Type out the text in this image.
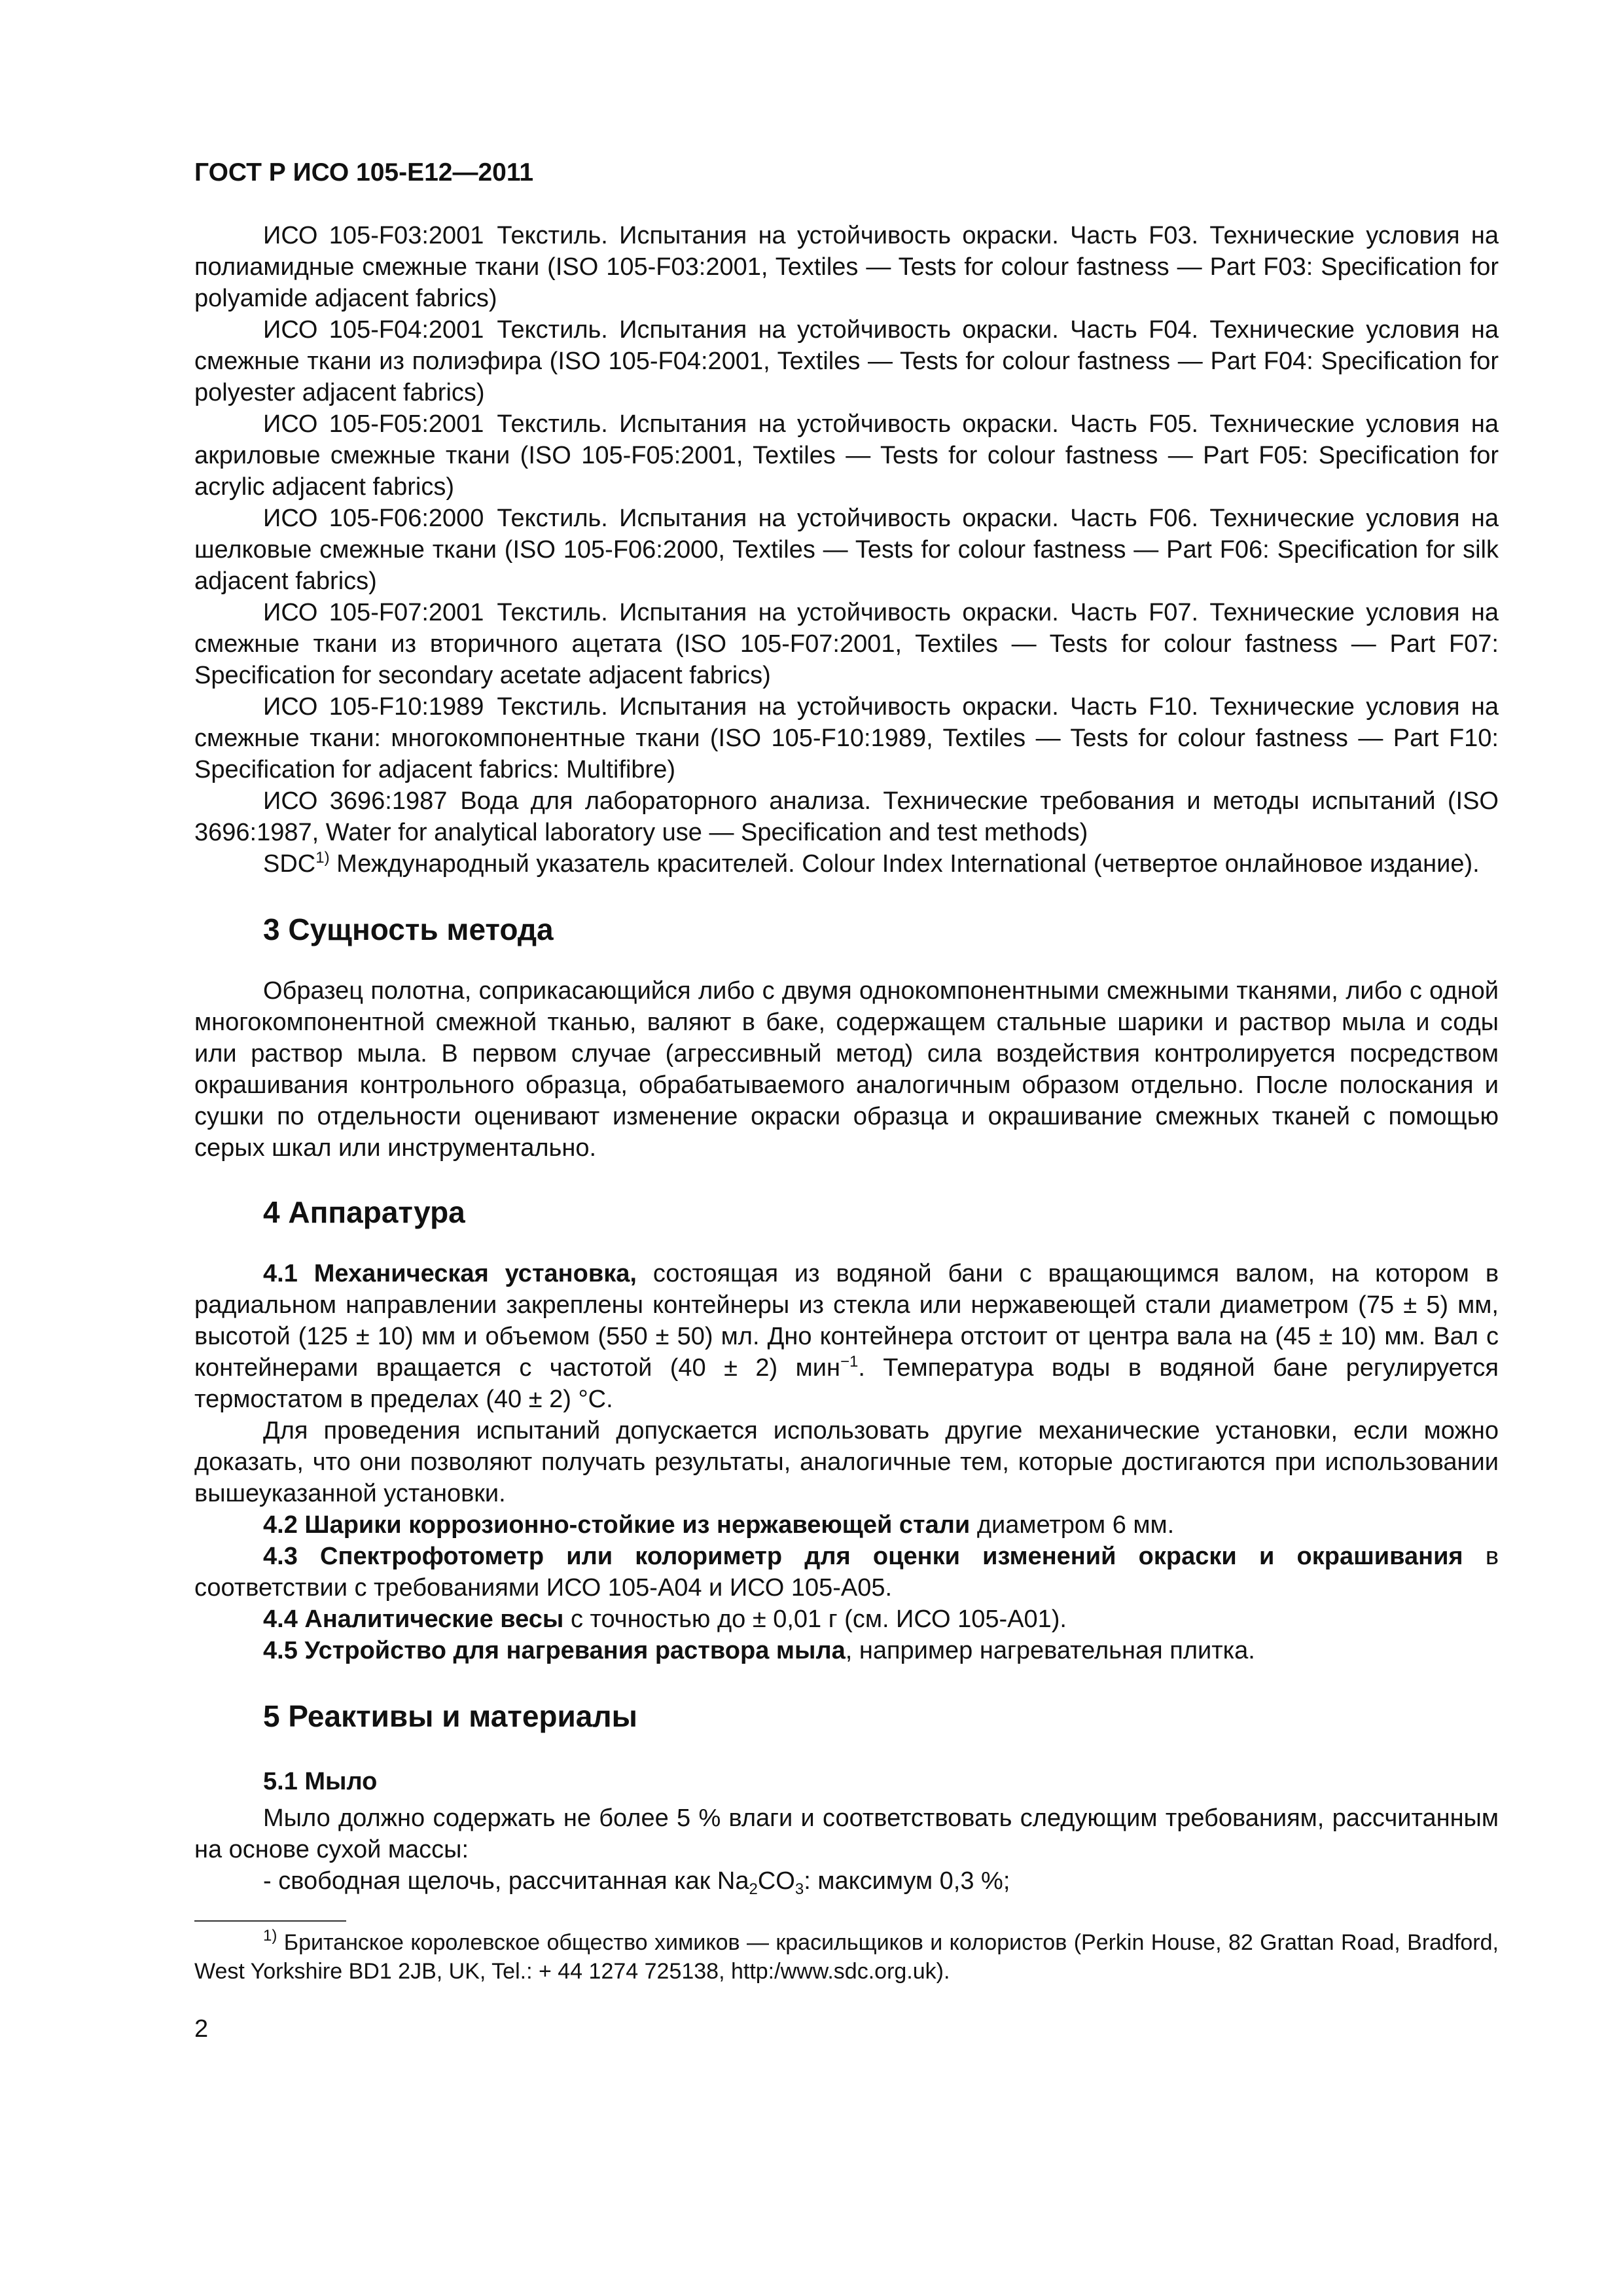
ГОСТ Р ИСО 105-E12—2011

ИСО 105-F03:2001 Текстиль. Испытания на устойчивость окраски. Часть F03. Технические условия на полиамидные смежные ткани (ISO 105-F03:2001, Textiles — Tests for colour fastness — Part F03: Specification for polyamide adjacent fabrics)

ИСО 105-F04:2001 Текстиль. Испытания на устойчивость окраски. Часть F04. Технические условия на смежные ткани из полиэфира (ISO 105-F04:2001, Textiles — Tests for colour fastness — Part F04: Specification for polyester adjacent fabrics)

ИСО 105-F05:2001 Текстиль. Испытания на устойчивость окраски. Часть F05. Технические условия на акриловые смежные ткани (ISO 105-F05:2001, Textiles — Tests for colour fastness — Part F05: Specification for acrylic adjacent fabrics)

ИСО 105-F06:2000 Текстиль. Испытания на устойчивость окраски. Часть F06. Технические условия на шелковые смежные ткани (ISO 105-F06:2000, Textiles — Tests for colour fastness — Part F06: Specification for silk adjacent fabrics)

ИСО 105-F07:2001 Текстиль. Испытания на устойчивость окраски. Часть F07. Технические условия на смежные ткани из вторичного ацетата (ISO 105-F07:2001, Textiles — Tests for colour fastness — Part F07: Specification for secondary acetate adjacent fabrics)

ИСО 105-F10:1989 Текстиль. Испытания на устойчивость окраски. Часть F10. Технические условия на смежные ткани: многокомпонентные ткани (ISO 105-F10:1989, Textiles — Tests for colour fastness — Part F10: Specification for adjacent fabrics: Multifibre)

ИСО 3696:1987 Вода для лабораторного анализа. Технические требования и методы испытаний (ISO 3696:1987, Water for analytical laboratory use — Specification and test methods)

SDC$^{1)}$ Международный указатель красителей. Colour Index International (четвертое онлайновое издание).

3 Сущность метода

Образец полотна, соприкасающийся либо с двумя однокомпонентными смежными тканями, либо с одной многокомпонентной смежной тканью, валяют в баке, содержащем стальные шарики и раствор мыла и соды или раствор мыла. В первом случае (агрессивный метод) сила воздействия контролируется посредством окрашивания контрольного образца, обрабатываемого аналогичным образом отдельно. После полоскания и сушки по отдельности оценивают изменение окраски образца и окрашивание смежных тканей с помощью серых шкал или инструментально.

4 Аппаратура

4.1 Механическая установка, состоящая из водяной бани с вращающимся валом, на котором в радиальном направлении закреплены контейнеры из стекла или нержавеющей стали диаметром (75 ± 5) мм, высотой (125 ± 10) мм и объемом (550 ± 50) мл. Дно контейнера отстоит от центра вала на (45 ± 10) мм. Вал с контейнерами вращается с частотой (40 ± 2) мин$^{-1}$. Температура воды в водяной бане регулируется термостатом в пределах (40 ± 2) °С.

Для проведения испытаний допускается использовать другие механические установки, если можно доказать, что они позволяют получать результаты, аналогичные тем, которые достигаются при использовании вышеуказанной установки.

4.2 Шарики коррозионно-стойкие из нержавеющей стали диаметром 6 мм.

4.3 Спектрофотометр или колориметр для оценки изменений окраски и окрашивания в соответствии с требованиями ИСО 105-A04 и ИСО 105-A05.

4.4 Аналитические весы с точностью до ± 0,01 г (см. ИСО 105-A01).

4.5 Устройство для нагревания раствора мыла, например нагревательная плитка.

5 Реактивы и материалы
5.1 Мыло

Мыло должно содержать не более 5 % влаги и соответствовать следующим требованиям, рассчитанным на основе сухой массы:

- свободная щелочь, рассчитанная как $Na_2CO_3$: максимум 0,3 %;

$^{1)}$ Британское королевское общество химиков — красильщиков и колористов (Perkin House, 82 Grattan Road, Bradford, West Yorkshire BD1 2JB, UK, Tel.: + 44 1274 725138, http:/www.sdc.org.uk).

2
